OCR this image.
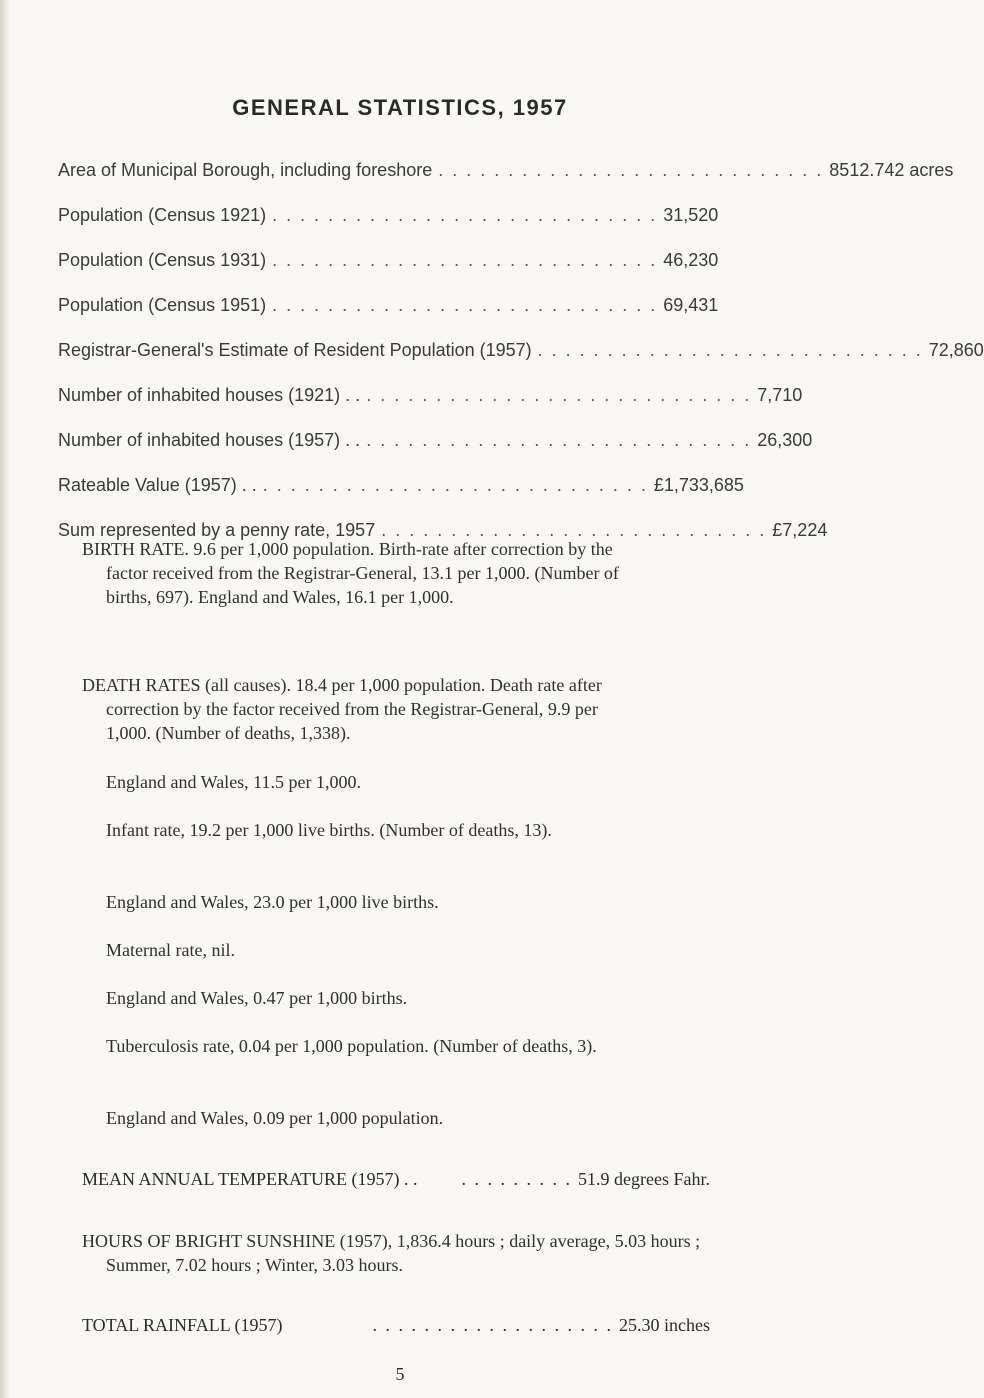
GENERAL STATISTICS, 1957
Area of Municipal Borough, including foreshore . . . . . . . . . . . . . . . . . . . . . . . . . . . . 8512.742 acres
Population (Census 1921) . . . . . . . . . . . . . . . . . . . . . . . . . . . . 31,520
Population (Census 1931) . . . . . . . . . . . . . . . . . . . . . . . . . . . . 46,230
Population (Census 1951) . . . . . . . . . . . . . . . . . . . . . . . . . . . . 69,431
Registrar-General's Estimate of Resident Population (1957) . . . . . . . . . . . . . . . . . . . . . . . . . . . . 72,860
Number of inhabited houses (1921) . . . . . . . . . . . . . . . . . . . . . . . . . . . . . . 7,710
Number of inhabited houses (1957) . . . . . . . . . . . . . . . . . . . . . . . . . . . . . . 26,300
Rateable Value (1957) . . . . . . . . . . . . . . . . . . . . . . . . . . . . . . £1,733,685
Sum represented by a penny rate, 1957 . . . . . . . . . . . . . . . . . . . . . . . . . . . . £7,224
BIRTH RATE. 9.6 per 1,000 population. Birth-rate after correction by the factor received from the Registrar-General, 13.1 per 1,000. (Number of births, 697). England and Wales, 16.1 per 1,000.
DEATH RATES (all causes). 18.4 per 1,000 population. Death rate after correction by the factor received from the Registrar-General, 9.9 per 1,000. (Number of deaths, 1,338).
England and Wales, 11.5 per 1,000.
Infant rate, 19.2 per 1,000 live births. (Number of deaths, 13).
England and Wales, 23.0 per 1,000 live births.
Maternal rate, nil.
England and Wales, 0.47 per 1,000 births.
Tuberculosis rate, 0.04 per 1,000 population. (Number of deaths, 3).
England and Wales, 0.09 per 1,000 population.
MEAN ANNUAL TEMPERATURE (1957) . .	. . . . . . . . . 51.9 degrees Fahr.
HOURS OF BRIGHT SUNSHINE (1957), 1,836.4 hours ; daily average, 5.03 hours ; Summer, 7.02 hours ; Winter, 3.03 hours.
TOTAL RAINFALL (1957)	. . . . . . . . . . . . . . . . . . . 25.30 inches
5
